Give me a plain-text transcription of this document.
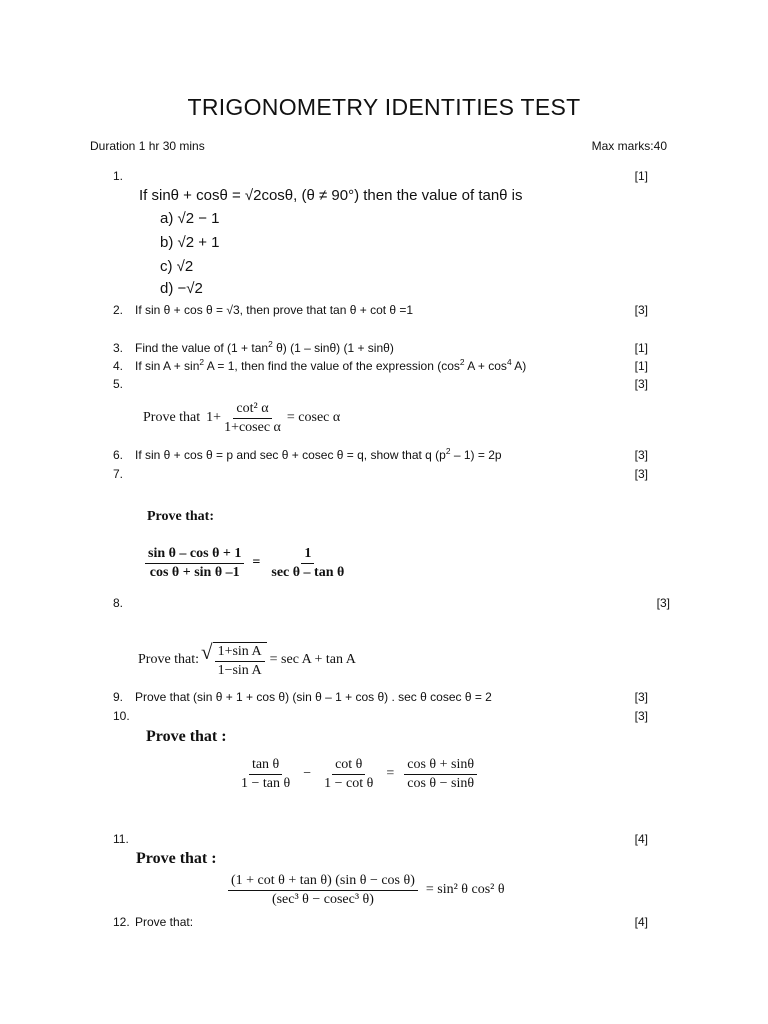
TRIGONOMETRY IDENTITIES TEST
Duration 1 hr 30 mins	Max marks:40
1.	[1]
If sinθ + cosθ = √2cosθ, (θ ≠ 90°) then the value of tanθ is
a) √2 − 1
b) √2 + 1
c) √2
d) −√2
2. If sin θ + cos θ = √3, then prove that tan θ + cot θ =1	[3]
3. Find the value of $(1 + \tan^2 \theta)$ (1 – sinθ) (1 + sinθ)	[1]
4. If $\sin A + \sin^2 A = 1$, then find the value of the expression ($\cos^2$ $A + \cos^4 A$)	[1]
5.	[3]
Prove that $1+ \frac{\text{cot² α}}{\text{1+cosec α}} = cosec$ α
6. If sin θ + cos θ = p and sec θ + cosec θ = q, show that q $(p^2 - 1) = 2p$	[3]
7.	[3]
Prove that:
$\frac{\text{sin θ – cos θ + 1}}{\text{cos θ + sin θ –1}} = \frac{1}{\text{sec θ – tan θ}}$
8.	[3]
Prove that: √ $\frac{\text{1+sin A}}{\text{1−sin A}} = \sec A + \tan A$
9. Prove that (sin θ + 1 + cos θ) (sin θ – 1 + cos θ) . sec θ cosec θ = 2	[3]
10.	[3]
Prove that :
$\frac{\text{tan θ}}{\text{1 − tan θ}} - \frac{\text{cot θ}}{\text{1 − cot θ}} = \frac{\text{cos θ + sinθ}}{\text{cos θ − sinθ}}$
11.	[4]
Prove that :
$\frac{\text{(1 + cot θ + tan θ) (sin θ − cos θ)}}{\text{(sec³ θ − cosec³ θ)}} = \sin^2$ θ cos² θ
12. Prove that:	[4]
